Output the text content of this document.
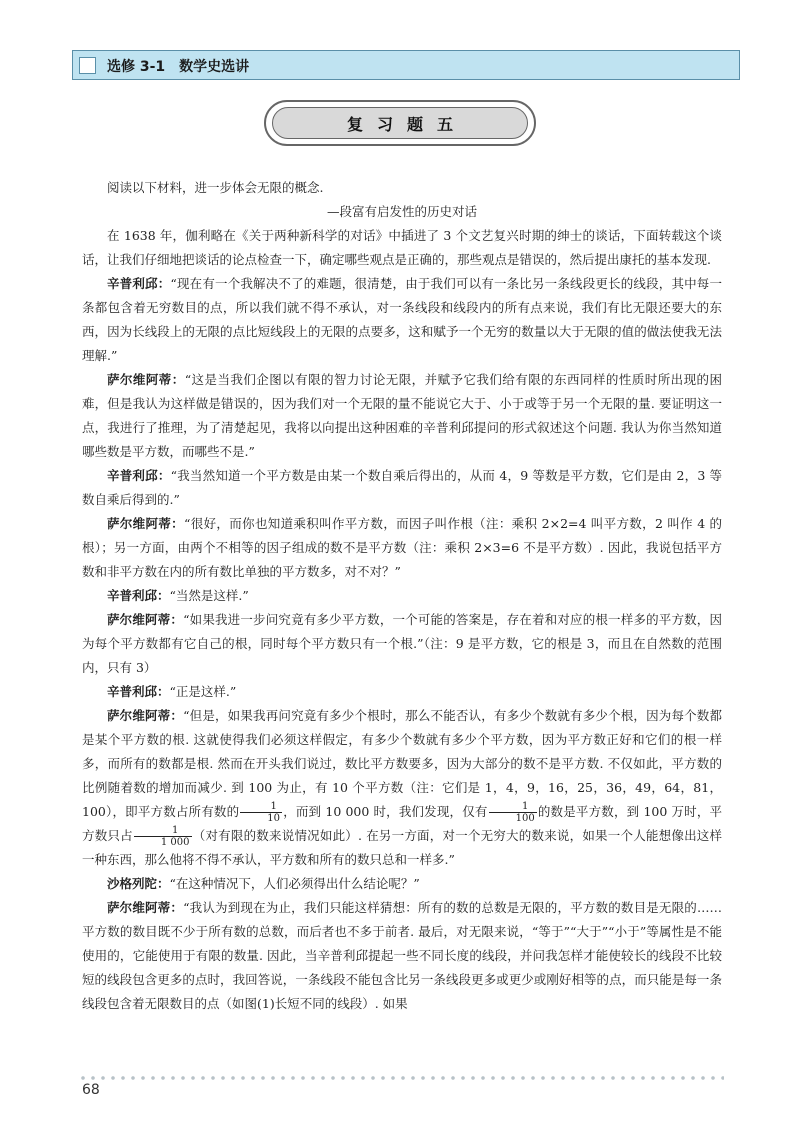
选修 3-1　数学史选讲
复习题五

阅读以下材料，进一步体会无限的概念.

—段富有启发性的历史对话

在 1638 年，伽利略在《关于两种新科学的对话》中插进了 3 个文艺复兴时期的绅士的谈话，下面转载这个谈话，让我们仔细地把谈话的论点检查一下，确定哪些观点是正确的，那些观点是错误的，然后提出康托的基本发现.

辛普利邱：“现在有一个我解决不了的难题，很清楚，由于我们可以有一条比另一条线段更长的线段，其中每一条都包含着无穷数目的点，所以我们就不得不承认，对一条线段和线段内的所有点来说，我们有比无限还要大的东西，因为长线段上的无限的点比短线段上的无限的点要多，这和赋予一个无穷的数量以大于无限的值的做法使我无法理解.”

萨尔维阿蒂：“这是当我们企图以有限的智力讨论无限，并赋予它我们给有限的东西同样的性质时所出现的困难，但是我认为这样做是错误的，因为我们对一个无限的量不能说它大于、小于或等于另一个无限的量. 要证明这一点，我进行了推理，为了清楚起见，我将以向提出这种困难的辛普利邱提问的形式叙述这个问题. 我认为你当然知道哪些数是平方数，而哪些不是.”

辛普利邱：“我当然知道一个平方数是由某一个数自乘后得出的，从而 4，9 等数是平方数，它们是由 2，3 等数自乘后得到的.”

萨尔维阿蒂：“很好，而你也知道乘积叫作平方数，而因子叫作根（注：乘积 2×2=4 叫平方数，2 叫作 4 的根）；另一方面，由两个不相等的因子组成的数不是平方数（注：乘积 2×3=6 不是平方数）. 因此，我说包括平方数和非平方数在内的所有数比单独的平方数多，对不对？”

辛普利邱：“当然是这样.”

萨尔维阿蒂：“如果我进一步问究竟有多少平方数，一个可能的答案是，存在着和对应的根一样多的平方数，因为每个平方数都有它自己的根，同时每个平方数只有一个根.”（注：9 是平方数，它的根是 3，而且在自然数的范围内，只有 3）

辛普利邱：“正是这样.”

萨尔维阿蒂：“但是，如果我再问究竟有多少个根时，那么不能否认，有多少个数就有多少个根，因为每个数都是某个平方数的根. 这就使得我们必须这样假定，有多少个数就有多少个平方数，因为平方数正好和它们的根一样多，而所有的数都是根. 然而在开头我们说过，数比平方数要多，因为大部分的数不是平方数. 不仅如此，平方数的比例随着数的增加而减少. 到 100 为止，有 10 个平方数（注：它们是 1，4，9，16，25，36，49，64，81，100），即平方数占所有数的 $\frac{1}{10}$ ，而到 10 000 时，我们发现，仅有 $\frac{1}{100}$ 的数是平方数，到 100 万时，平方数只占 $\frac{1}{1 000}$ （对有限的数来说情况如此）. 在另一方面，对一个无穷大的数来说，如果一个人能想像出这样一种东西，那么他将不得不承认，平方数和所有的数只总和一样多.”

沙格列陀：“在这种情况下，人们必须得出什么结论呢？”

萨尔维阿蒂：“我认为到现在为止，我们只能这样猜想：所有的数的总数是无限的，平方数的数目是无限的……平方数的数目既不少于所有数的总数，而后者也不多于前者. 最后，对无限来说，“等于”“大于”“小于”等属性是不能使用的，它能使用于有限的数量. 因此，当辛普利邱提起一些不同长度的线段，并问我怎样才能使较长的线段不比较短的线段包含更多的点时，我回答说，一条线段不能包含比另一条线段更多或更少或刚好相等的点，而只能是每一条线段包含着无限数目的点（如图(1)长短不同的线段）. 如果

68
